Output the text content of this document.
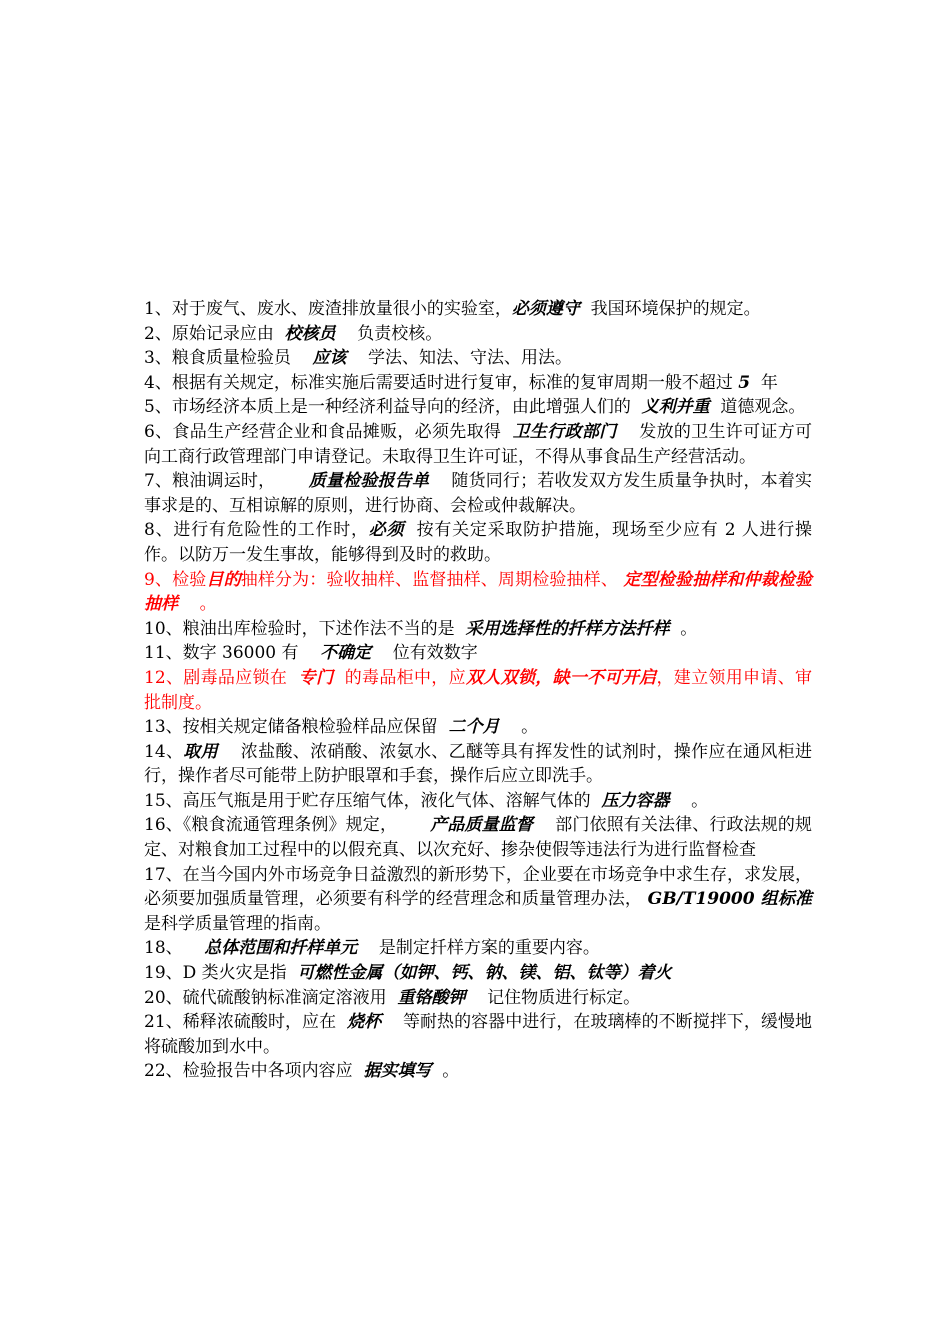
1、对于废气、废水、废渣排放量很小的实验室，必须遵守  我国环境保护的规定。

2、原始记录应由  校核员    负责校核。

3、粮食质量检验员    应该    学法、知法、守法、用法。

4、根据有关规定，标准实施后需要适时进行复审，标准的复审周期一般不超过 5  年

5、市场经济本质上是一种经济利益导向的经济，由此增强人们的  义利并重  道德观念。

6、食品生产经营企业和食品摊贩，必须先取得  卫生行政部门    发放的卫生许可证方可向工商行政管理部门申请登记。未取得卫生许可证，不得从事食品生产经营活动。

7、粮油调运时，      质量检验报告单    随货同行；若收发双方发生质量争执时，本着实事求是的、互相谅解的原则，进行协商、会检或仲裁解决。

8、进行有危险性的工作时，必须  按有关定采取防护措施，现场至少应有 2 人进行操作。以防万一发生事故，能够得到及时的救助。

9、检验目的抽样分为：验收抽样、监督抽样、周期检验抽样、 定型检验抽样和仲裁检验抽样    。

10、粮油出库检验时，下述作法不当的是  采用选择性的扦样方法扦样  。

11、数字 36000 有    不确定    位有效数字

12、剧毒品应锁在  专门  的毒品柜中，应双人双锁，缺一不可开启，建立领用申请、审批制度。

13、按相关规定储备粮检验样品应保留  二个月    。

14、取用    浓盐酸、浓硝酸、浓氨水、乙醚等具有挥发性的试剂时，操作应在通风柜进行，操作者尽可能带上防护眼罩和手套，操作后应立即洗手。

15、高压气瓶是用于贮存压缩气体，液化气体、溶解气体的  压力容器    。

16、《粮食流通管理条例》规定，      产品质量监督    部门依照有关法律、行政法规的规定、对粮食加工过程中的以假充真、以次充好、掺杂使假等违法行为进行监督检查

17、在当今国内外市场竞争日益激烈的新形势下，企业要在市场竞争中求生存，求发展，必须要加强质量管理，必须要有科学的经营理念和质量管理办法， GB/T19000 组标准  是科学质量管理的指南。

18、    总体范围和扦样单元    是制定扦样方案的重要内容。

19、D 类火灾是指  可燃性金属（如钾、钙、钠、镁、铝、钛等）着火

20、硫代硫酸钠标准滴定溶液用  重铬酸钾    记住物质进行标定。

21、稀释浓硫酸时，应在  烧杯    等耐热的容器中进行，在玻璃棒的不断搅拌下，缓慢地将硫酸加到水中。

22、检验报告中各项内容应  据实填写  。
